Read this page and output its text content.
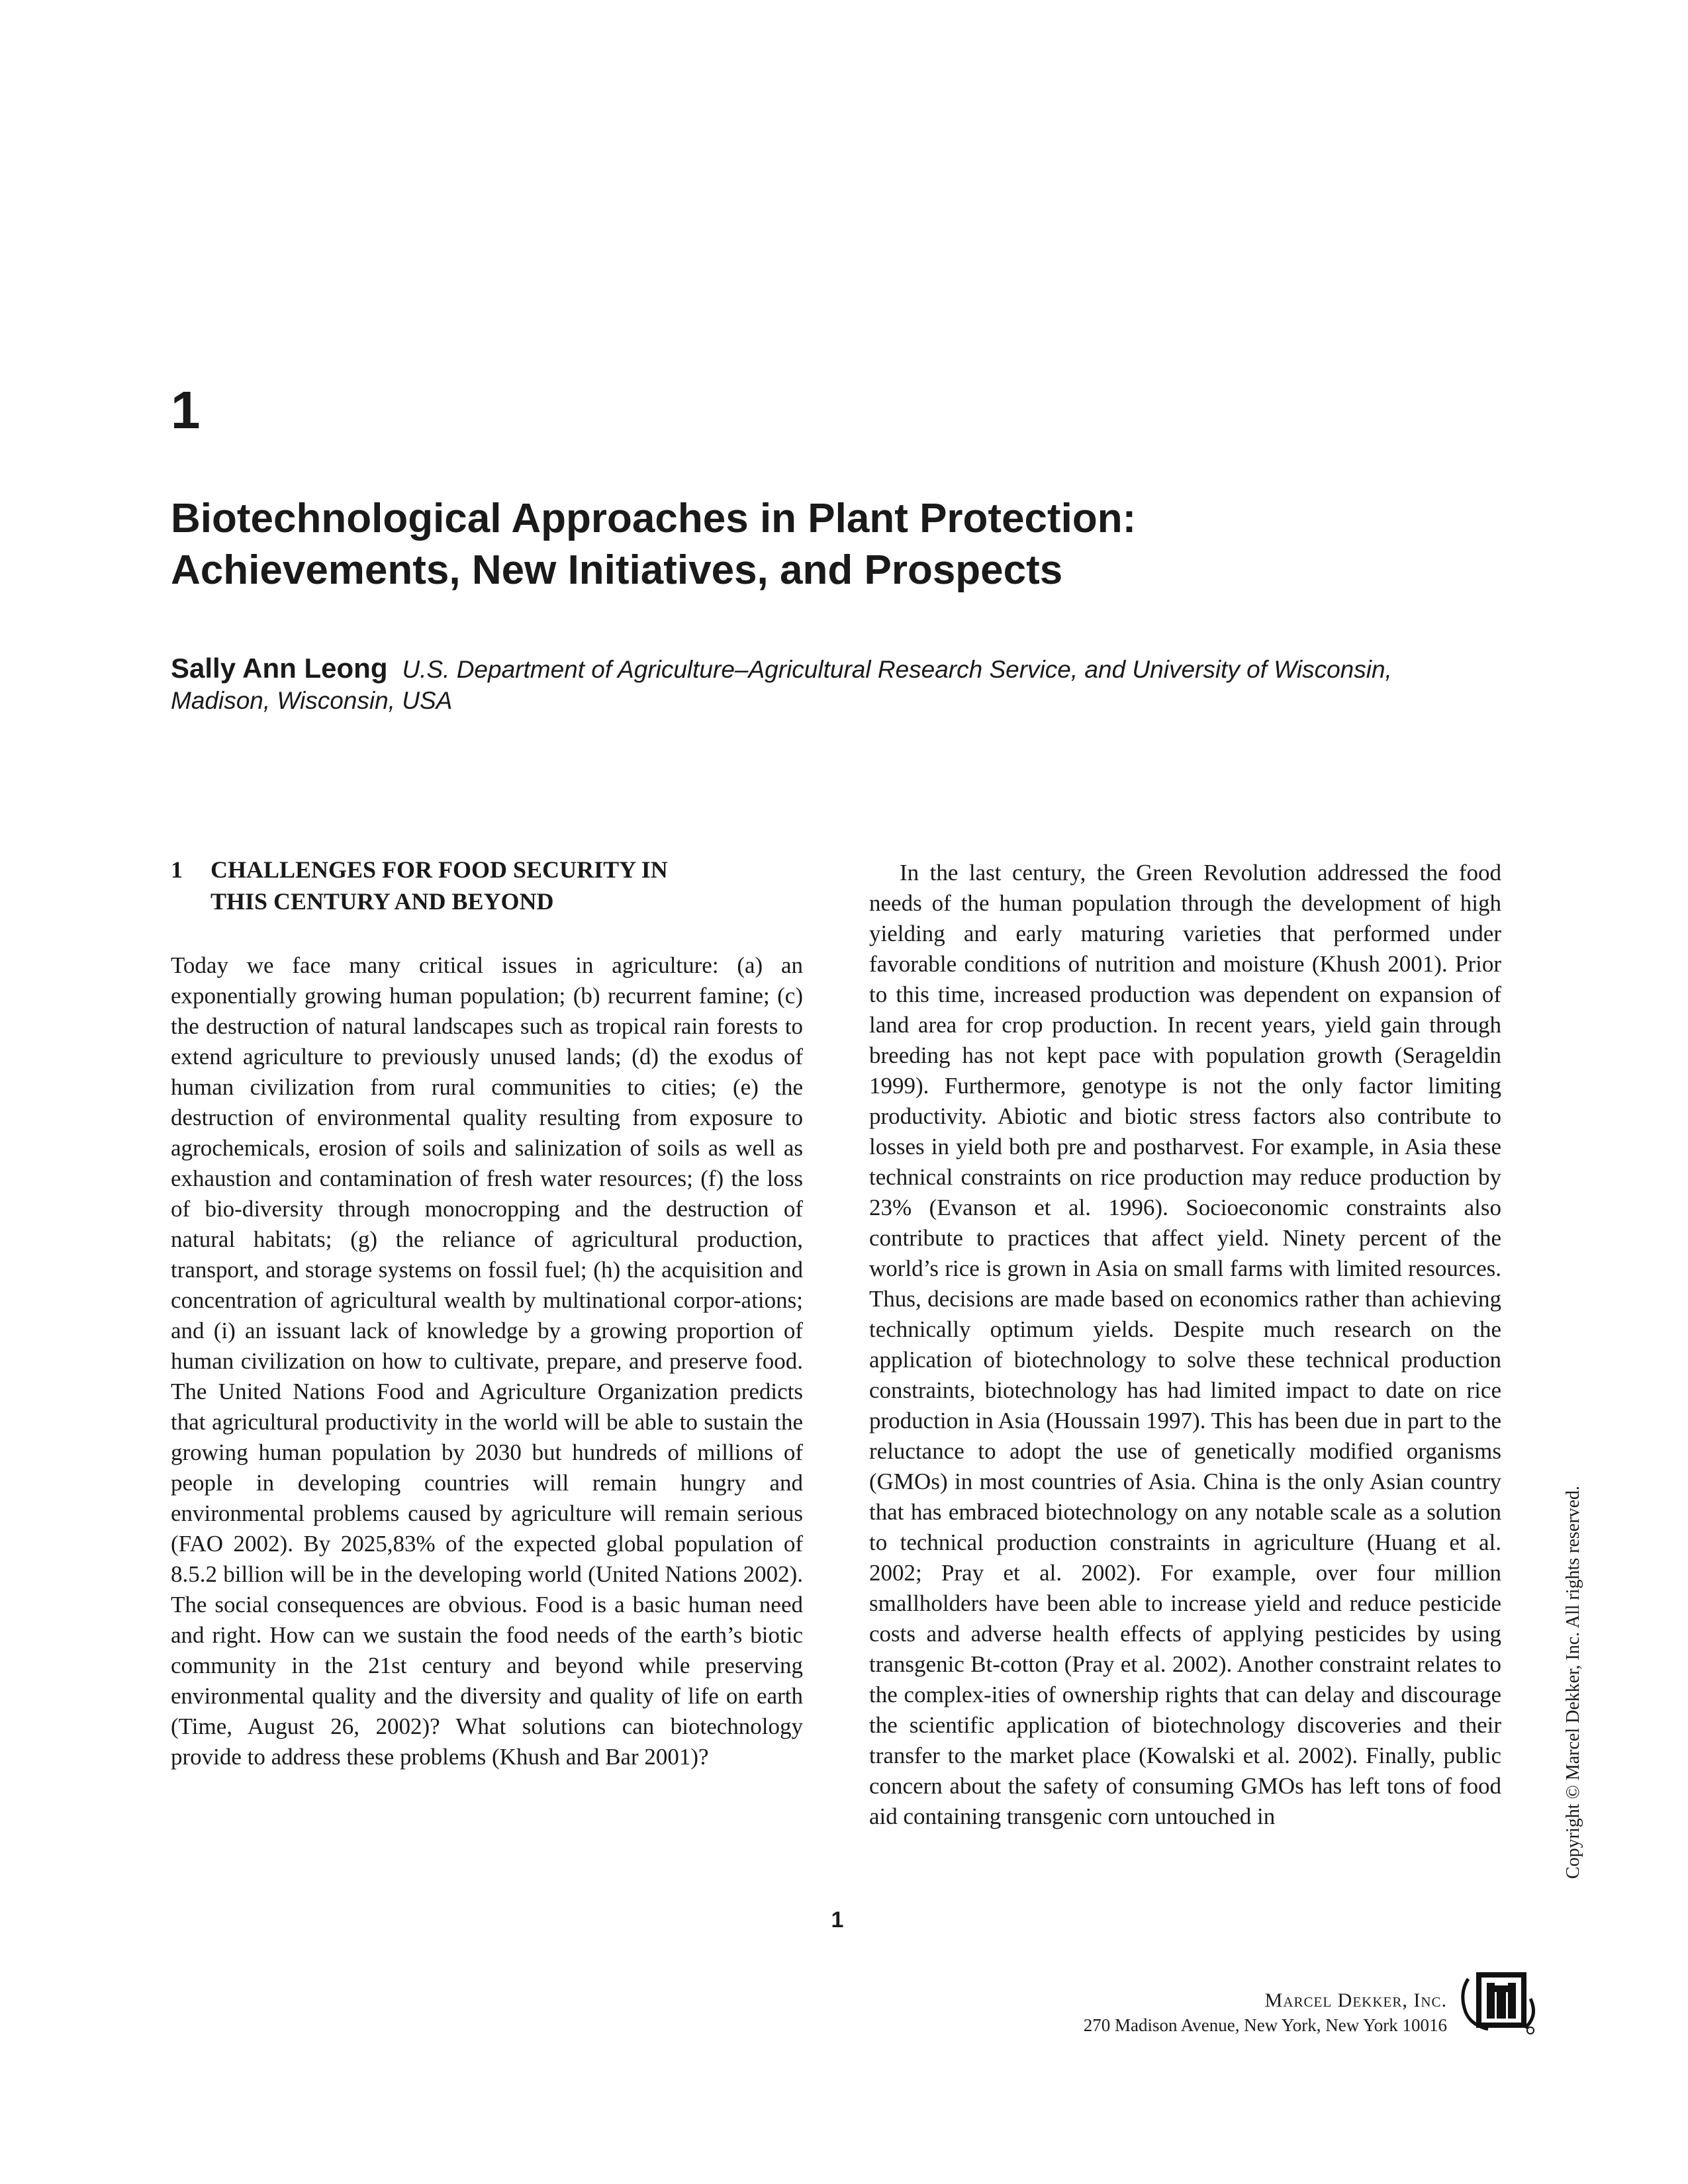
1
Biotechnological Approaches in Plant Protection:
Achievements, New Initiatives, and Prospects

Sally Ann Leong U.S. Department of Agriculture–Agricultural Research Service, and University of Wisconsin, Madison, Wisconsin, USA

1	CHALLENGES FOR FOOD SECURITY IN
THIS CENTURY AND BEYOND

Today we face many critical issues in agriculture: (a) an exponentially growing human population; (b) recurrent famine; (c) the destruction of natural landscapes such as tropical rain forests to extend agriculture to previously unused lands; (d) the exodus of human civilization from rural communities to cities; (e) the destruction of environmental quality resulting from exposure to agrochemicals, erosion of soils and salinization of soils as well as exhaustion and contamination of fresh water resources; (f) the loss of bio-diversity through monocropping and the destruction of natural habitats; (g) the reliance of agricultural production, transport, and storage systems on fossil fuel; (h) the acquisition and concentration of agricultural wealth by multinational corpor-ations; and (i) an issuant lack of knowledge by a growing proportion of human civilization on how to cultivate, prepare, and preserve food. The United Nations Food and Agriculture Organization predicts that agricultural productivity in the world will be able to sustain the growing human population by 2030 but hundreds of millions of people in developing countries will remain hungry and environmental problems caused by agriculture will remain serious (FAO 2002). By 2025,83% of the expected global population of 8.5.2 billion will be in the developing world (United Nations 2002). The social consequences are obvious. Food is a basic human need and right. How can we sustain the food needs of the earth’s biotic community in the 21st century and beyond while preserving environmental quality and the diversity and quality of life on earth (Time, August 26, 2002)? What solutions can biotechnology provide to address these problems (Khush and Bar 2001)?

In the last century, the Green Revolution addressed the food needs of the human population through the development of high yielding and early maturing varieties that performed under favorable conditions of nutrition and moisture (Khush 2001). Prior to this time, increased production was dependent on expansion of land area for crop production. In recent years, yield gain through breeding has not kept pace with population growth (Serageldin 1999). Furthermore, genotype is not the only factor limiting productivity. Abiotic and biotic stress factors also contribute to losses in yield both pre and postharvest. For example, in Asia these technical constraints on rice production may reduce production by 23% (Evanson et al. 1996). Socioeconomic constraints also contribute to practices that affect yield. Ninety percent of the world’s rice is grown in Asia on small farms with limited resources. Thus, decisions are made based on economics rather than achieving technically optimum yields. Despite much research on the application of biotechnology to solve these technical production constraints, biotechnology has had limited impact to date on rice production in Asia (Houssain 1997). This has been due in part to the reluctance to adopt the use of genetically modified organisms (GMOs) in most countries of Asia. China is the only Asian country that has embraced biotechnology on any notable scale as a solution to technical production constraints in agriculture (Huang et al. 2002; Pray et al. 2002). For example, over four million smallholders have been able to increase yield and reduce pesticide costs and adverse health effects of applying pesticides by using transgenic Bt-cotton (Pray et al. 2002). Another constraint relates to the complex-ities of ownership rights that can delay and discourage the scientific application of biotechnology discoveries and their transfer to the market place (Kowalski et al. 2002). Finally, public concern about the safety of consuming GMOs has left tons of food aid containing transgenic corn untouched in

1

Copyright © Marcel Dekker, Inc. All rights reserved.
Marcel Dekker, Inc.
270 Madison Avenue, New York, New York 10016
